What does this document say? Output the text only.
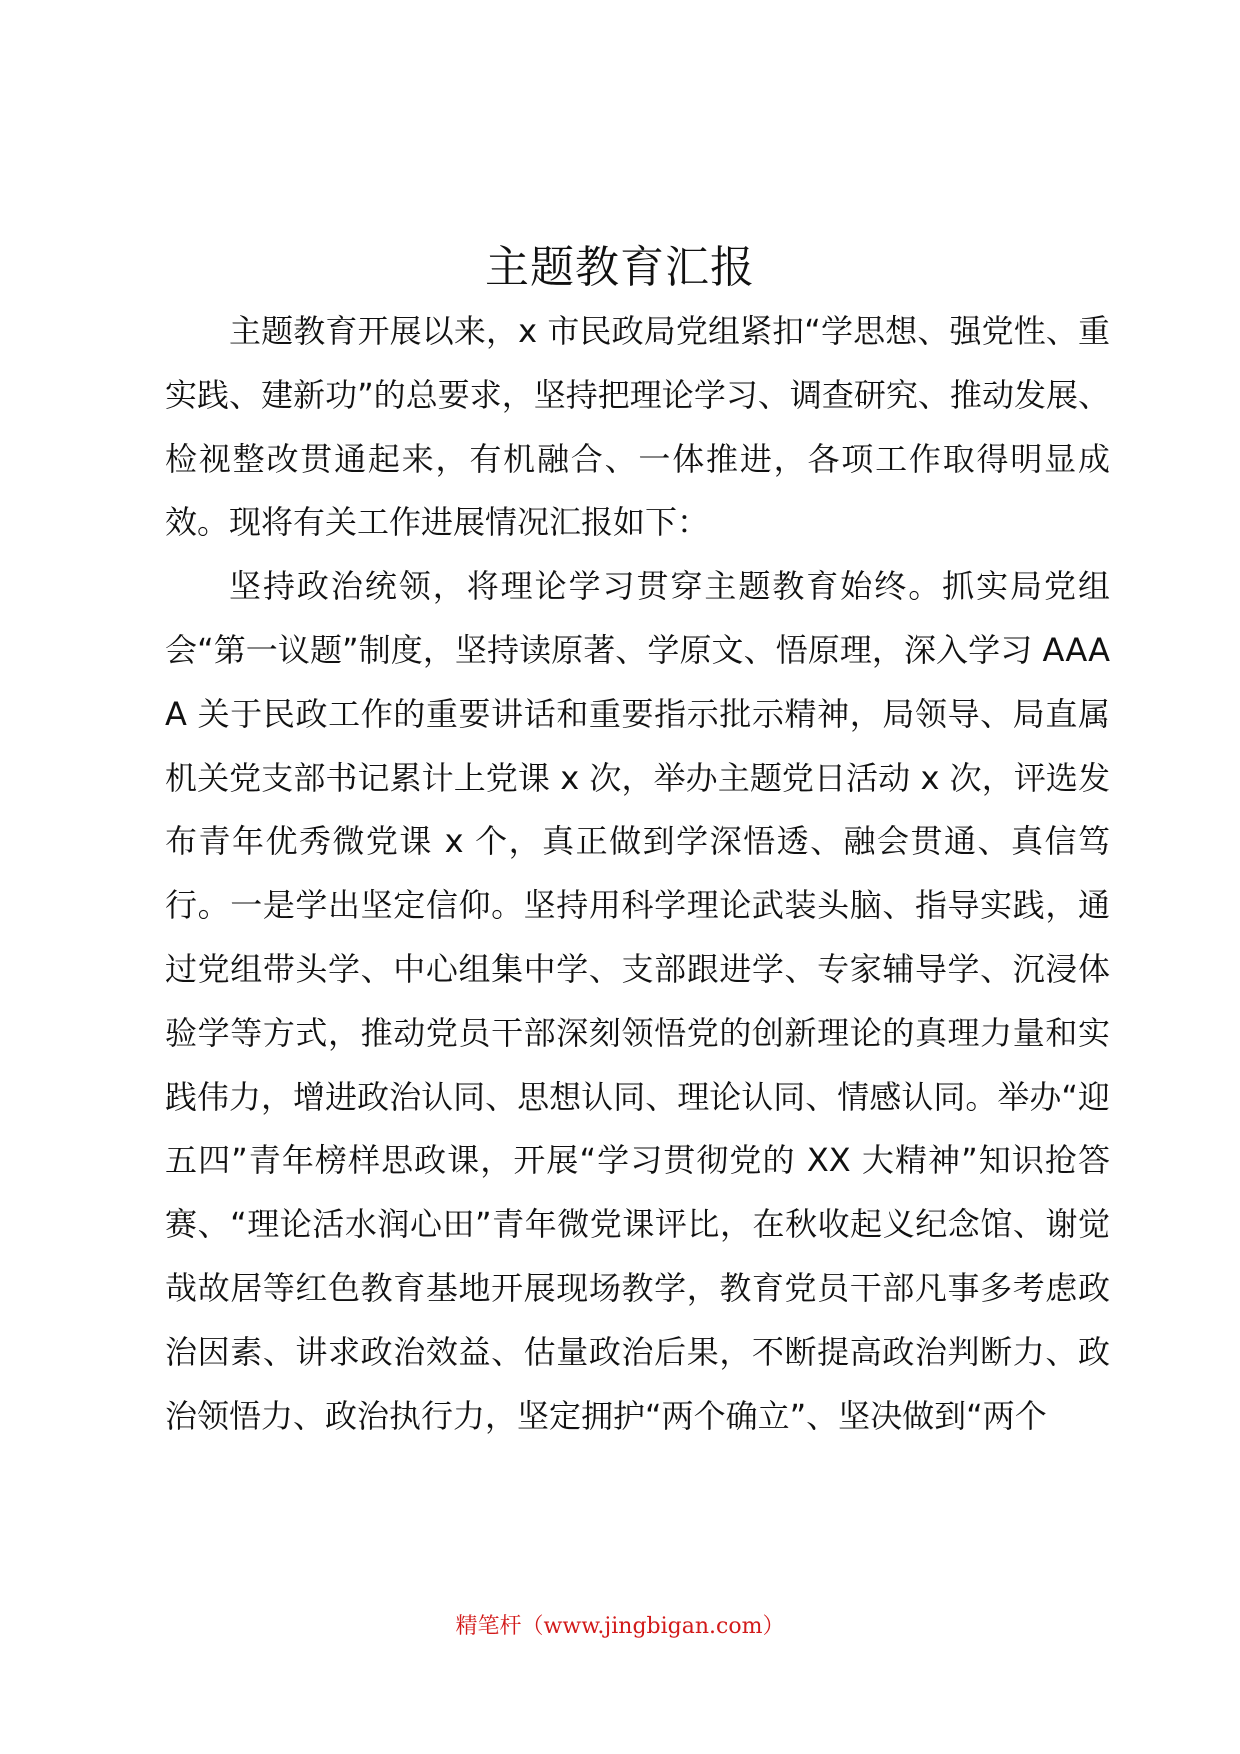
主题教育汇报

主题教育开展以来，x 市民政局党组紧扣“学思想、强党性、重实践、建新功”的总要求，坚持把理论学习、调查研究、推动发展、检视整改贯通起来，有机融合、一体推进，各项工作取得明显成效。现将有关工作进展情况汇报如下：

坚持政治统领，将理论学习贯穿主题教育始终。抓实局党组会“第一议题”制度，坚持读原著、学原文、悟原理，深入学习 AAAA 关于民政工作的重要讲话和重要指示批示精神，局领导、局直属机关党支部书记累计上党课 x 次，举办主题党日活动 x 次，评选发布青年优秀微党课 x 个，真正做到学深悟透、融会贯通、真信笃行。一是学出坚定信仰。坚持用科学理论武装头脑、指导实践，通过党组带头学、中心组集中学、支部跟进学、专家辅导学、沉浸体验学等方式，推动党员干部深刻领悟党的创新理论的真理力量和实践伟力，增进政治认同、思想认同、理论认同、情感认同。举办“迎五四”青年榜样思政课，开展“学习贯彻党的 XX 大精神”知识抢答赛、“理论活水润心田”青年微党课评比，在秋收起义纪念馆、谢觉哉故居等红色教育基地开展现场教学，教育党员干部凡事多考虑政治因素、讲求政治效益、估量政治后果，不断提高政治判断力、政治领悟力、政治执行力，坚定拥护“两个确立”、坚决做到“两个

精笔杆（www.jingbigan.com）
